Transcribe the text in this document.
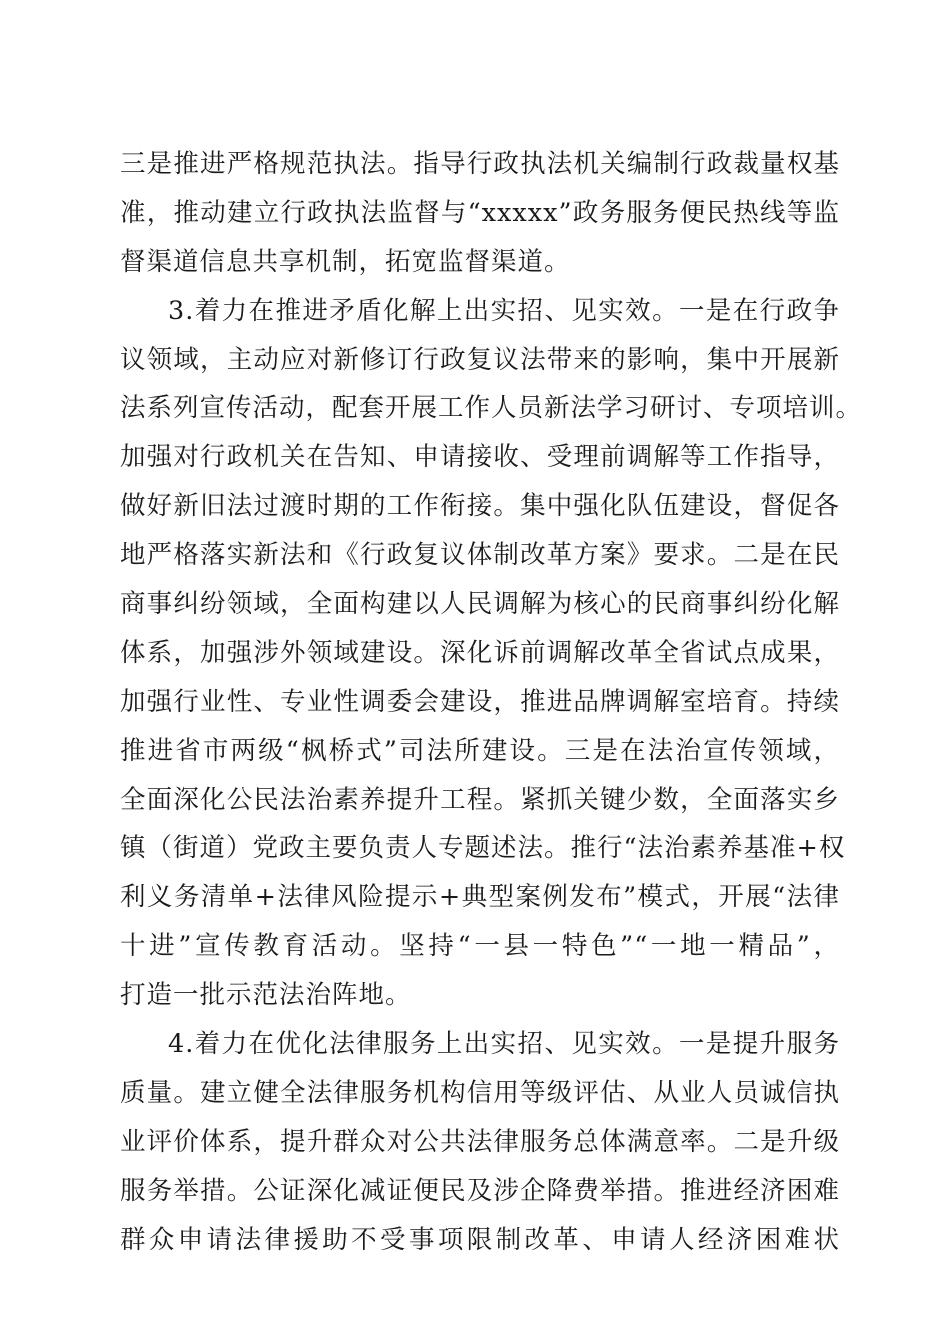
三是推进严格规范执法。指导行政执法机关编制行政裁量权基
准，推动建立行政执法监督与“xxxxx”政务服务便民热线等监
督渠道信息共享机制，拓宽监督渠道。
3.着力在推进矛盾化解上出实招、见实效。一是在行政争
议领域，主动应对新修订行政复议法带来的影响，集中开展新
法系列宣传活动，配套开展工作人员新法学习研讨、专项培训。
加强对行政机关在告知、申请接收、受理前调解等工作指导，
做好新旧法过渡时期的工作衔接。集中强化队伍建设，督促各
地严格落实新法和《行政复议体制改革方案》要求。二是在民
商事纠纷领域，全面构建以人民调解为核心的民商事纠纷化解
体系，加强涉外领域建设。深化诉前调解改革全省试点成果，
加强行业性、专业性调委会建设，推进品牌调解室培育。持续
推进省市两级“枫桥式”司法所建设。三是在法治宣传领域，
全面深化公民法治素养提升工程。紧抓关键少数，全面落实乡
镇（街道）党政主要负责人专题述法。推行“法治素养基准+权
利义务清单+法律风险提示+典型案例发布”模式，开展“法律
十进”宣传教育活动。坚持“一县一特色”“一地一精品”，
打造一批示范法治阵地。
4.着力在优化法律服务上出实招、见实效。一是提升服务
质量。建立健全法律服务机构信用等级评估、从业人员诚信执
业评价体系，提升群众对公共法律服务总体满意率。二是升级
服务举措。公证深化减证便民及涉企降费举措。推进经济困难
群众申请法律援助不受事项限制改革、申请人经济困难状
